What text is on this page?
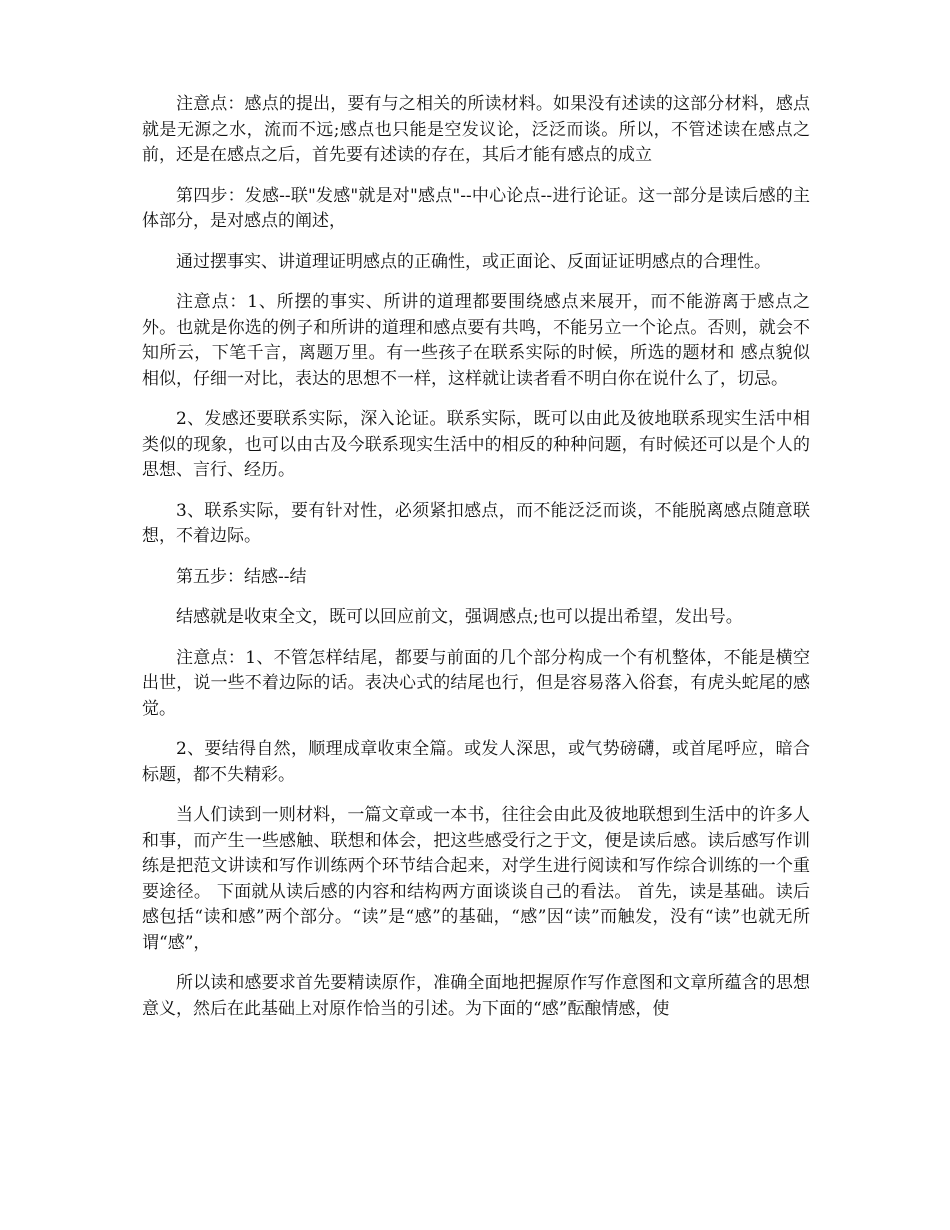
注意点：感点的提出，要有与之相关的所读材料。如果没有述读的这部分材料，感点就是无源之水，流而不远;感点也只能是空发议论，泛泛而谈。所以，不管述读在感点之前，还是在感点之后，首先要有述读的存在，其后才能有感点的成立

第四步：发感--联"发感"就是对"感点"--中心论点--进行论证。这一部分是读后感的主体部分，是对感点的阐述，

通过摆事实、讲道理证明感点的正确性，或正面论、反面证证明感点的合理性。

注意点：1、所摆的事实、所讲的道理都要围绕感点来展开，而不能游离于感点之外。也就是你选的例子和所讲的道理和感点要有共鸣，不能另立一个论点。否则，就会不知所云，下笔千言，离题万里。有一些孩子在联系实际的时候，所选的题材和 感点貌似相似，仔细一对比，表达的思想不一样，这样就让读者看不明白你在说什么了，切忌。

2、发感还要联系实际，深入论证。联系实际，既可以由此及彼地联系现实生活中相类似的现象，也可以由古及今联系现实生活中的相反的种种问题，有时候还可以是个人的思想、言行、经历。

3、联系实际，要有针对性，必须紧扣感点，而不能泛泛而谈，不能脱离感点随意联想，不着边际。

第五步：结感--结

结感就是收束全文，既可以回应前文，强调感点;也可以提出希望，发出号。

注意点：1、不管怎样结尾，都要与前面的几个部分构成一个有机整体，不能是横空出世，说一些不着边际的话。表决心式的结尾也行，但是容易落入俗套，有虎头蛇尾的感觉。

2、要结得自然，顺理成章收束全篇。或发人深思，或气势磅礴，或首尾呼应，暗合标题，都不失精彩。

当人们读到一则材料，一篇文章或一本书，往往会由此及彼地联想到生活中的许多人和事，而产生一些感触、联想和体会，把这些感受行之于文，便是读后感。读后感写作训练是把范文讲读和写作训练两个环节结合起来，对学生进行阅读和写作综合训练的一个重要途径。 下面就从读后感的内容和结构两方面谈谈自己的看法。 首先，读是基础。读后感包括“读和感”两个部分。“读”是“感”的基础，“感”因“读”而触发，没有“读”也就无所谓“感”，

所以读和感要求首先要精读原作，准确全面地把握原作写作意图和文章所蕴含的思想意义，然后在此基础上对原作恰当的引述。为下面的“感”酝酿情感，使
